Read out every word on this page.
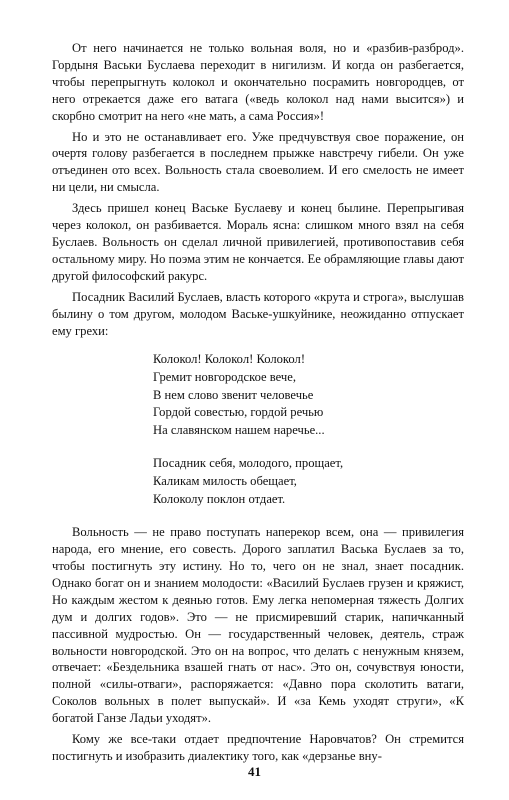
От него начинается не только вольная воля, но и «разбив-разброд». Гордыня Васьки Буслаева переходит в нигилизм. И когда он разбегается, чтобы перепрыгнуть колокол и окончательно посрамить новгородцев, от него отрекается даже его ватага («ведь колокол над нами высится») и скорбно смотрит на него «не мать, а сама Россия»!

Но и это не останавливает его. Уже предчувствуя свое поражение, он очертя голову разбегается в последнем прыжке навстречу гибели. Он уже отъединен ото всех. Вольность стала своеволием. И его смелость не имеет ни цели, ни смысла.

Здесь пришел конец Ваське Буслаеву и конец былине. Перепрыгивая через колокол, он разбивается. Мораль ясна: слишком много взял на себя Буслаев. Вольность он сделал личной привилегией, противопоставив себя остальному миру. Но поэма этим не кончается. Ее обрамляющие главы дают другой философский ракурс.

Посадник Василий Буслаев, власть которого «крута и строга», выслушав былину о том другом, молодом Ваське-ушкуйнике, неожиданно отпускает ему грехи:

Колокол! Колокол! Колокол!
Гремит новгородское вече,
В нем слово звенит человечье
Гордой совестью, гордой речью
На славянском нашем наречье...
Посадник себя, молодого, прощает,
Каликам милость обещает,
Колоколу поклон отдает.

Вольность — не право поступать наперекор всем, она — привилегия народа, его мнение, его совесть. Дорого заплатил Васька Буслаев за то, чтобы постигнуть эту истину. Но то, чего он не знал, знает посадник. Однако богат он и знанием молодости: «Василий Буслаев грузен и кряжист, Но каждым жестом к деянью готов. Ему легка непомерная тяжесть Долгих дум и долгих годов». Это — не присмиревший старик, напичканный пассивной мудростью. Он — государственный человек, деятель, страж вольности новгородской. Это он на вопрос, что делать с ненужным князем, отвечает: «Бездельника взашей гнать от нас». Это он, сочувствуя юности, полной «силы-отваги», распоряжается: «Давно пора сколотить ватаги, Соколов вольных в полет выпускай». И «за Кемь уходят струги», «К богатой Ганзе Ладьи уходят».

Кому же все-таки отдает предпочтение Наровчатов? Он стремится постигнуть и изобразить диалектику того, как «дерзанье вну-

41
